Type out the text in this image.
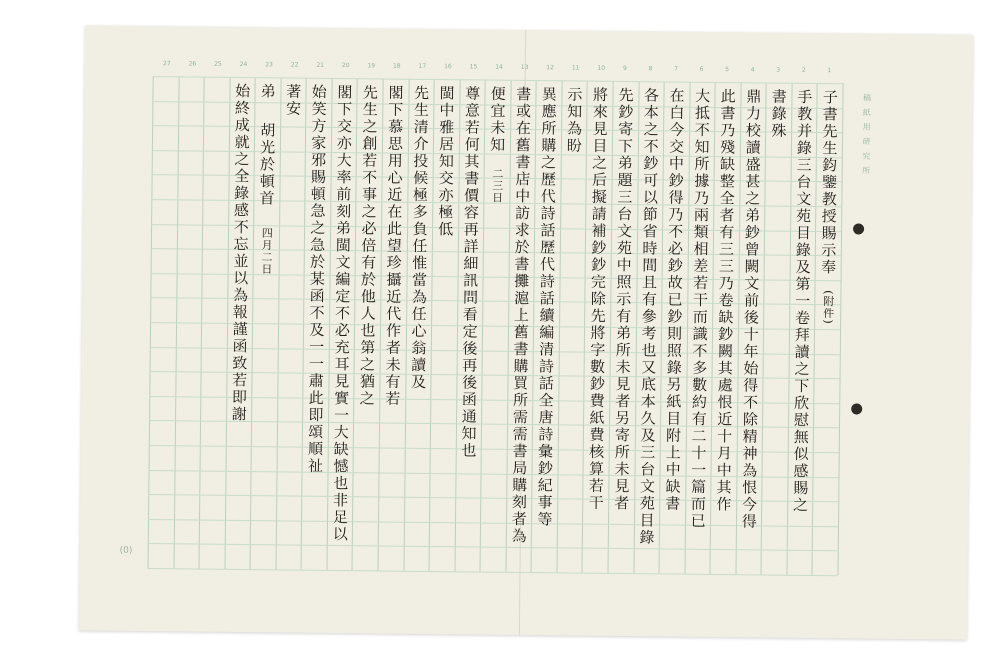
稿 紙 用 研 究 所
(0)
子書先生鈞鑒教授賜示奉(附件)
手教并錄三台文苑目錄及第一卷拜讀之下欣慰無似感賜之
書錄殊
鼎力校讀盛甚之弟鈔曾闕文前後十年始得不除精神為恨今得
此書乃殘缺整全者有三三乃卷缺鈔闕其處恨近十月中其作
大抵不知所據乃兩類相差若干而識不多數約有二十一篇而已
在白今交中鈔得乃不必鈔故已鈔則照錄另紙目附上中缺書
各本之不鈔可以節省時間且有參考也又底本久及三台文苑目錄
先鈔寄下弟題三台文苑中照示有弟所未見者另寄所未見者
將來見目之后擬請補鈔鈔完除先將字數鈔費紙費核算若干
示知為盼
異應所購之歷代詩話歷代詩話續編清詩話全唐詩彙鈔紀事等
書或在舊書店中訪求於書攤滬上舊書購買所需需書局購刻者為
便宜未知二三日
尊意若何其書價容再詳細訊問看定後再後函通知也
閩中雅居知交亦極低
先生清介投候極多負任惟當為任心翁讀及
閣下慕思用心近在此望珍攝近代作者未有若
先生之創若不事之必倍有於他人也第之猶之
閣下交亦大率前刻弟閩文編定不必充耳見實一大缺憾也非足以
始笑方家邪賜頓急之急於某函不及一一肅此即頌順祉
著安
弟胡光於頓首四月二日
始終成就之全錄感不忘並以為報謹函致若即謝
1
2
3
4
5
6
7
8
9
10
11
12
13
14
15
16
17
18
19
20
21
22
23
24
25
26
27
